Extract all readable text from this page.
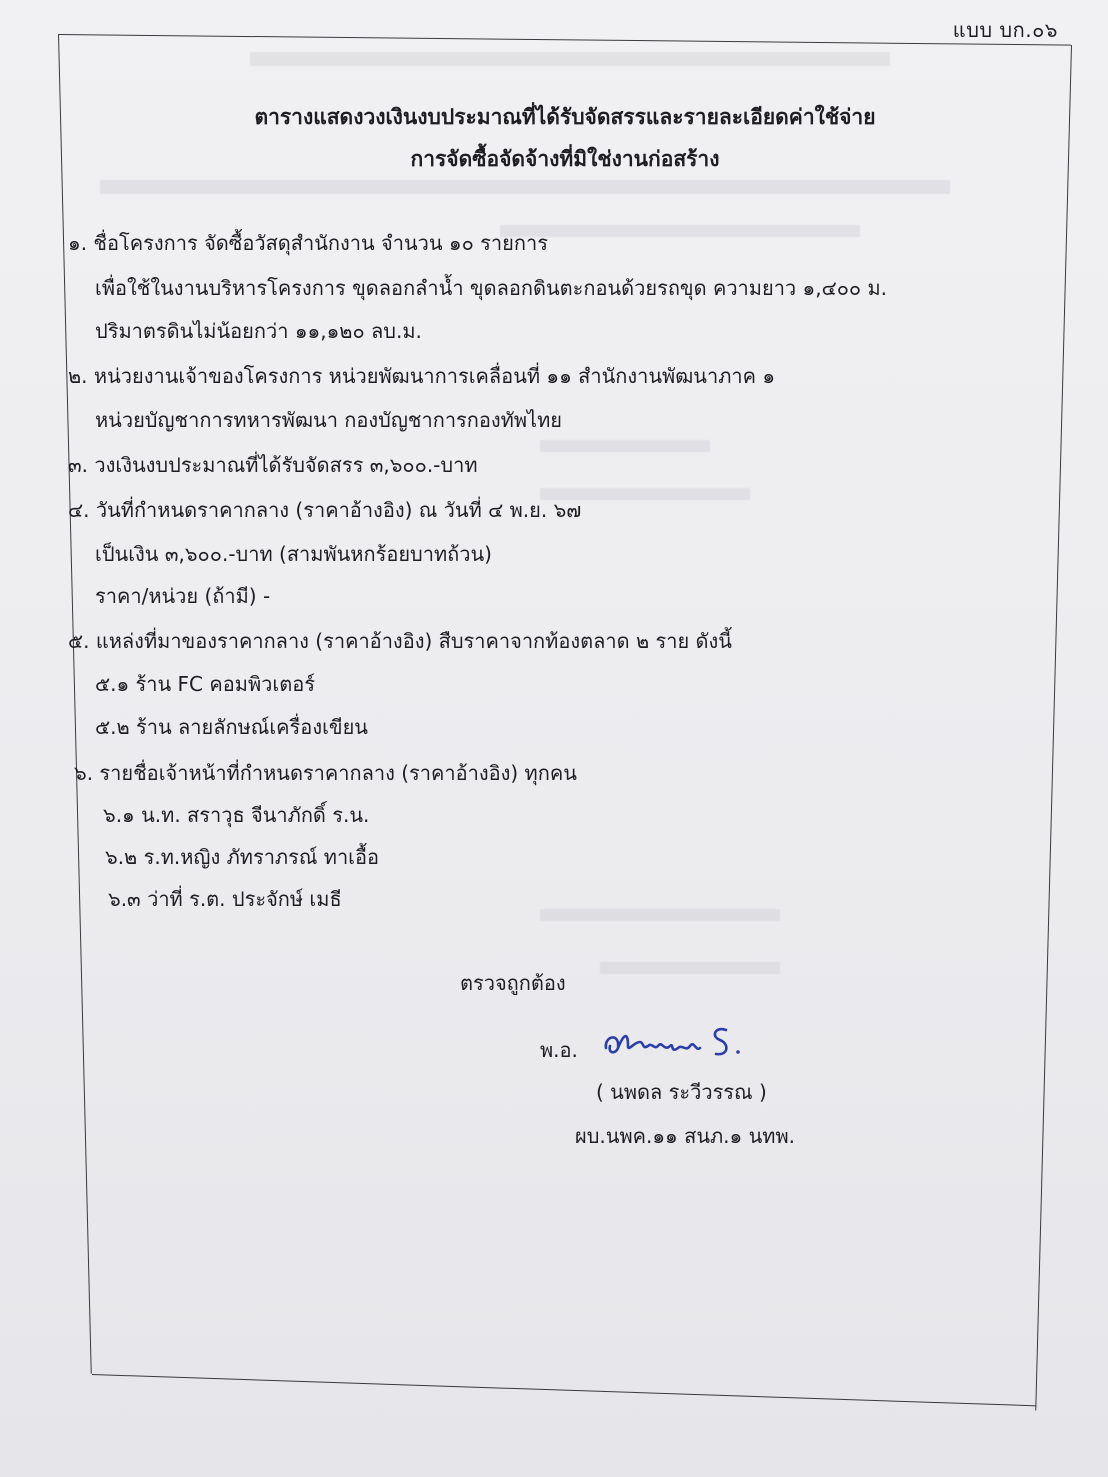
แบบ บก.๐๖
ตารางแสดงวงเงินงบประมาณที่ได้รับจัดสรรและรายละเอียดค่าใช้จ่าย
การจัดซื้อจัดจ้างที่มิใช่งานก่อสร้าง
๑. ชื่อโครงการ จัดซื้อวัสดุสำนักงาน จำนวน ๑๐ รายการ
เพื่อใช้ในงานบริหารโครงการ ขุดลอกลำน้ำ ขุดลอกดินตะกอนด้วยรถขุด ความยาว ๑,๔๐๐ ม.
ปริมาตรดินไม่น้อยกว่า ๑๑,๑๒๐ ลบ.ม.
๒. หน่วยงานเจ้าของโครงการ หน่วยพัฒนาการเคลื่อนที่ ๑๑ สำนักงานพัฒนาภาค ๑
หน่วยบัญชาการทหารพัฒนา กองบัญชาการกองทัพไทย
๓. วงเงินงบประมาณที่ได้รับจัดสรร ๓,๖๐๐.-บาท
๔. วันที่กำหนดราคากลาง (ราคาอ้างอิง) ณ วันที่ ๔ พ.ย. ๖๗
เป็นเงิน ๓,๖๐๐.-บาท (สามพันหกร้อยบาทถ้วน)
ราคา/หน่วย (ถ้ามี) -
๕. แหล่งที่มาของราคากลาง (ราคาอ้างอิง) สืบราคาจากท้องตลาด ๒ ราย ดังนี้
๕.๑ ร้าน FC คอมพิวเตอร์
๕.๒ ร้าน ลายลักษณ์เครื่องเขียน
๖. รายชื่อเจ้าหน้าที่กำหนดราคากลาง (ราคาอ้างอิง) ทุกคน
๖.๑ น.ท. สราวุธ จีนาภักดิ์ ร.น.
๖.๒ ร.ท.หญิง ภัทราภรณ์ ทาเอื้อ
๖.๓ ว่าที่ ร.ต. ประจักษ์ เมธี
ตรวจถูกต้อง
พ.อ.
( นพดล ระวีวรรณ )
ผบ.นพค.๑๑ สนภ.๑ นทพ.
